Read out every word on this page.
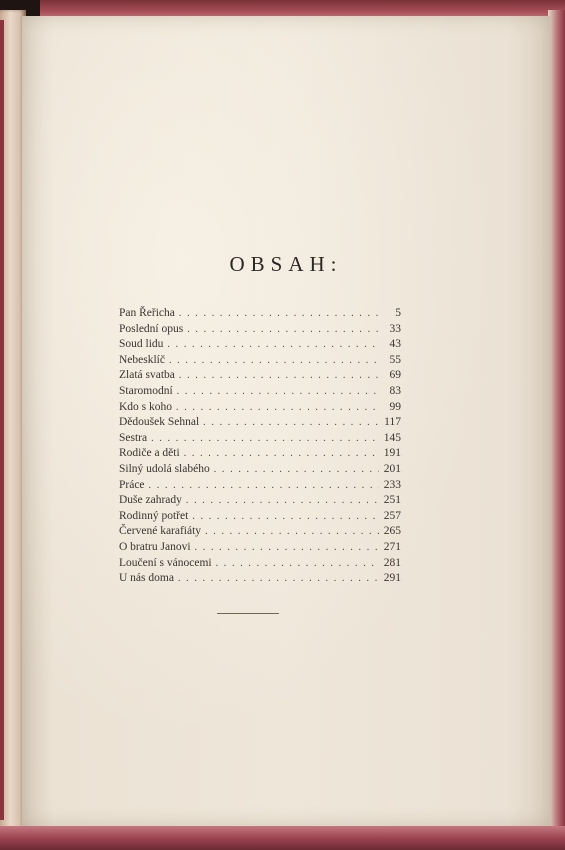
OBSAH:
Pan Řeřicha . . .	5
Poslední opus . . .	33
Soud lidu . . .	43
Nebesklíč . . .	55
Zlatá svatba . . .	69
Staromodní . . .	83
Kdo s koho . . .	99
Dědoušek Sehnal . . .	117
Sestra . . .	145
Rodiče a děti . . .	191
Silný udolá slabého . . .	201
Práce . . .	233
Duše zahrady . . .	251
Rodinný potřet . . .	257
Červené karafiáty . . .	265
O bratru Janovi . . .	271
Loučení s vánocemi . . .	281
U nás doma . . .	291
